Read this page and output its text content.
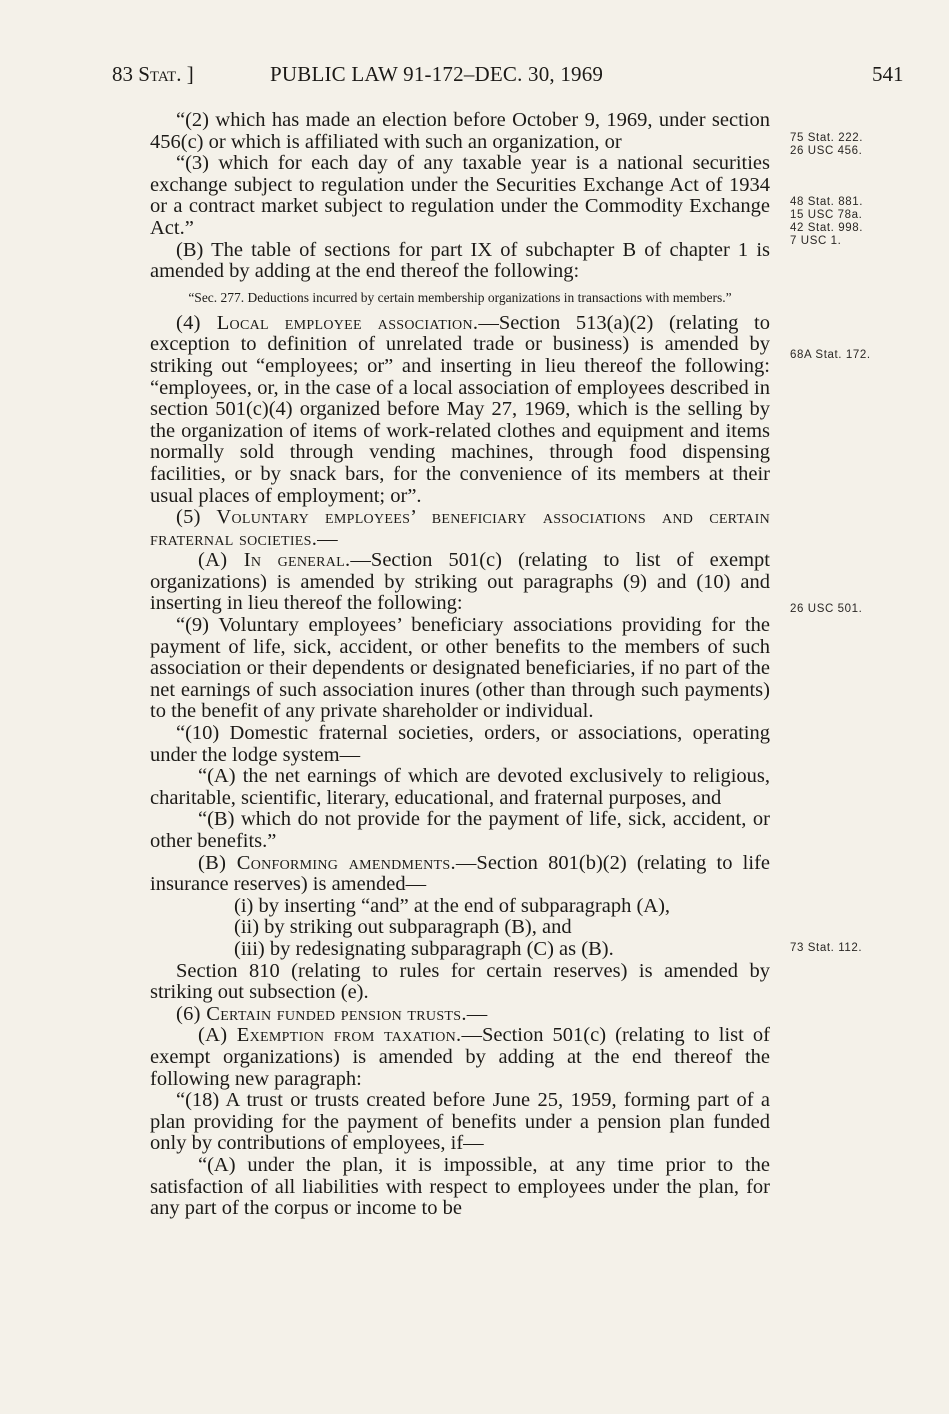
83 Stat. ]	PUBLIC LAW 91-172–DEC. 30, 1969	541

“(2) which has made an election before October 9, 1969, under section 456(c) or which is affiliated with such an organization, or

“(3) which for each day of any taxable year is a national securities exchange subject to regulation under the Securities Exchange Act of 1934 or a contract market subject to regulation under the Commodity Exchange Act.”

(B) The table of sections for part IX of subchapter B of chapter 1 is amended by adding at the end thereof the following:

“Sec. 277. Deductions incurred by certain membership organizations in transactions with members.”

(4) Local employee association.—Section 513(a)(2) (relating to exception to definition of unrelated trade or business) is amended by striking out “employees; or” and inserting in lieu thereof the following: “employees, or, in the case of a local association of employees described in section 501(c)(4) organized before May 27, 1969, which is the selling by the organization of items of work-related clothes and equipment and items normally sold through vending machines, through food dispensing facilities, or by snack bars, for the convenience of its members at their usual places of employment; or”.

(5) Voluntary employees’ beneficiary associations and certain fraternal societies.—

(A) In general.—Section 501(c) (relating to list of exempt organizations) is amended by striking out paragraphs (9) and (10) and inserting in lieu thereof the following:

“(9) Voluntary employees’ beneficiary associations providing for the payment of life, sick, accident, or other benefits to the members of such association or their dependents or designated beneficiaries, if no part of the net earnings of such association inures (other than through such payments) to the benefit of any private shareholder or individual.

“(10) Domestic fraternal societies, orders, or associations, operating under the lodge system—

“(A) the net earnings of which are devoted exclusively to religious, charitable, scientific, literary, educational, and fraternal purposes, and

“(B) which do not provide for the payment of life, sick, accident, or other benefits.”

(B) Conforming amendments.—Section 801(b)(2) (relating to life insurance reserves) is amended—

(i) by inserting “and” at the end of subparagraph (A),

(ii) by striking out subparagraph (B), and

(iii) by redesignating subparagraph (C) as (B).

Section 810 (relating to rules for certain reserves) is amended by striking out subsection (e).

(6) Certain funded pension trusts.—

(A) Exemption from taxation.—Section 501(c) (relating to list of exempt organizations) is amended by adding at the end thereof the following new paragraph:

“(18) A trust or trusts created before June 25, 1959, forming part of a plan providing for the payment of benefits under a pension plan funded only by contributions of employees, if—

“(A) under the plan, it is impossible, at any time prior to the satisfaction of all liabilities with respect to employees under the plan, for any part of the corpus or income to be

75 Stat. 222.
26 USC 456.
48 Stat. 881.
15 USC 78a.
42 Stat. 998.
7 USC 1.
68A Stat. 172.
26 USC 501.
73 Stat. 112.
